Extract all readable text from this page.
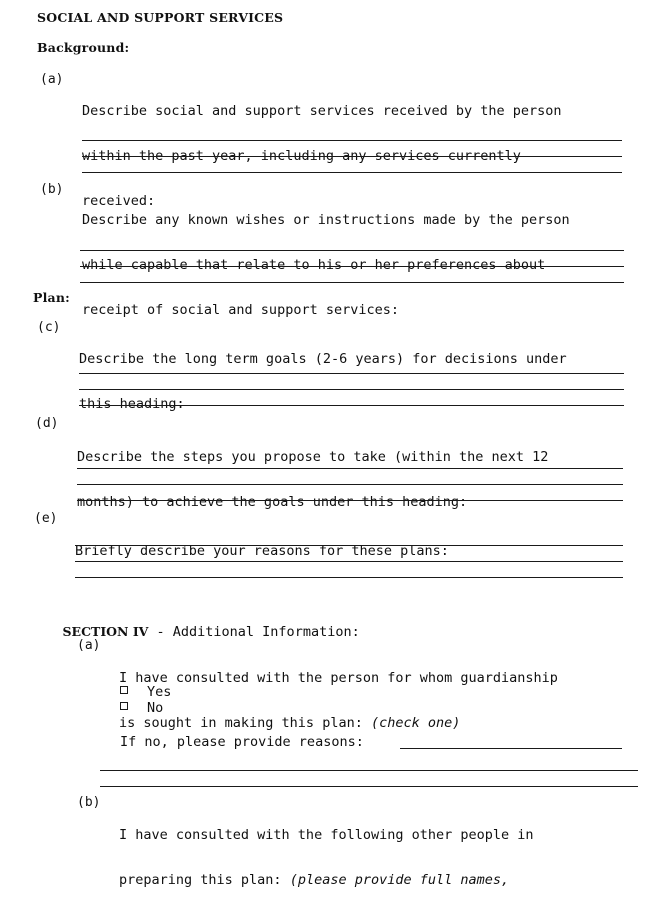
SOCIAL AND SUPPORT SERVICES
Background:
(a)

Describe social and support services received by the person

within the past year, including any services currently

received:

(b)

Describe any known wishes or instructions made by the person

while capable that relate to his or her preferences about

receipt of social and support services:

Plan:
(c)

Describe the long term goals (2-6 years) for decisions under

this heading:

(d)

Describe the steps you propose to take (within the next 12

months) to achieve the goals under this heading:

(e)

Briefly describe your reasons for these plans:

SECTION IV - Additional Information:

(a)

I have consulted with the person for whom guardianship

is sought in making this plan: (check one)

Yes
No
If no, please provide reasons:
(b)

I have consulted with the following other people in

preparing this plan: (please provide full names,
